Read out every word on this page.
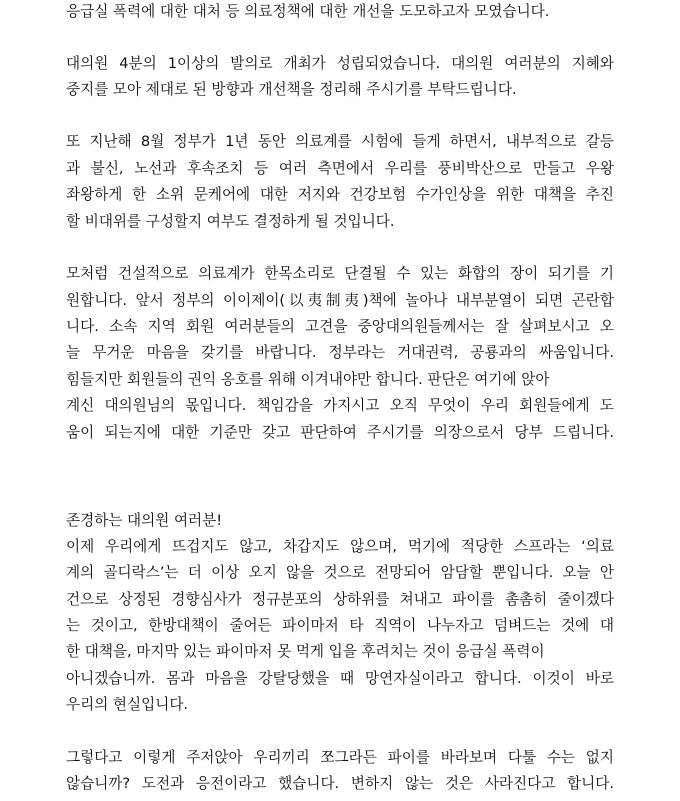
응급실 폭력에 대한 대처 등 의료정책에 대한 개선을 도모하고자 모였습니다.
대의원 4분의 1이상의 발의로 개최가 성립되었습니다. 대의원 여러분의 지혜와
중지를 모아 제대로 된 방향과 개선책을 정리해 주시기를 부탁드립니다.
또 지난해 8월 정부가 1년 동안 의료계를 시험에 들게 하면서, 내부적으로 갈등
과 불신, 노선과 후속조치 등 여러 측면에서 우리를 풍비박산으로 만들고 우왕
좌왕하게 한 소위 문케어에 대한 저지와 건강보험 수가인상을 위한 대책을 추진
할 비대위를 구성할지 여부도 결정하게 될 것입니다.
모처럼 건설적으로 의료계가 한목소리로 단결될 수 있는 화합의 장이 되기를 기
원합니다. 앞서 정부의 이이제이(以夷制夷)책에 놀아나 내부분열이 되면 곤란합
니다. 소속 지역 회원 여러분들의 고견을 중앙대의원들께서는 잘 살펴보시고 오
늘 무거운 마음을 갖기를 바랍니다. 정부라는 거대권력, 공룡과의 싸움입니다.
힘들지만 회원들의 권익 옹호를 위해 이겨내야만 합니다. 판단은 여기에 앉아
계신 대의원님의 몫입니다. 책임감을 가지시고 오직 무엇이 우리 회원들에게 도
움이 되는지에 대한 기준만 갖고 판단하여 주시기를 의장으로서 당부 드립니다.
존경하는 대의원 여러분!
이제 우리에게 뜨겁지도 않고, 차갑지도 않으며, 먹기에 적당한 스프라는 ‘의료
계의 골디락스’는 더 이상 오지 않을 것으로 전망되어 암담할 뿐입니다. 오늘 안
건으로 상정된 경향심사가 정규분포의 상하위를 쳐내고 파이를 촘촘히 줄이겠다
는 것이고, 한방대책이 줄어든 파이마저 타 직역이 나누자고 덤벼드는 것에 대
한 대책을, 마지막 있는 파이마저 못 먹게 입을 후려치는 것이 응급실 폭력이
아니겠습니까. 몸과 마음을 강탈당했을 때 망연자실이라고 합니다. 이것이 바로
우리의 현실입니다.
그렇다고 이렇게 주저앉아 우리끼리 쪼그라든 파이를 바라보며 다툴 수는 없지
않습니까? 도전과 응전이라고 했습니다. 변하지 않는 것은 사라진다고 합니다.
